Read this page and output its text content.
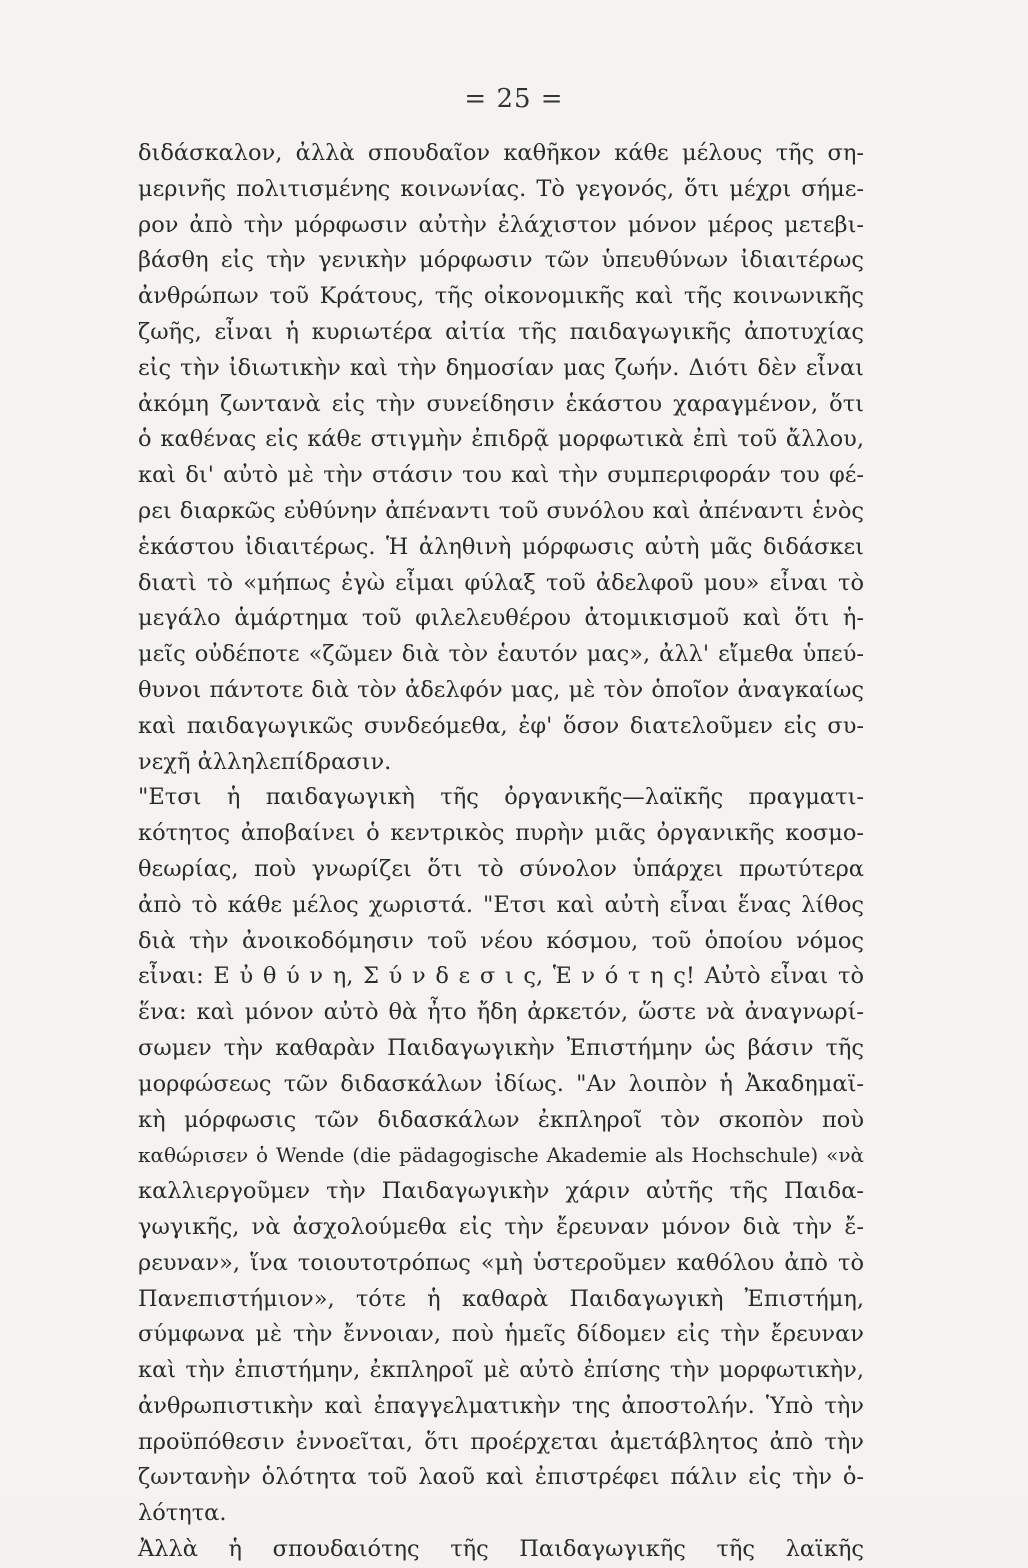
= 25 =
διδάσκαλον, ἀλλὰ σπουδαῖον καθῆκον κάθε μέλους τῆς ση-
μερινῆς πολιτισμένης κοινωνίας. Τὸ γεγονός, ὅτι μέχρι σήμε-
ρον ἀπὸ τὴν μόρφωσιν αὐτὴν ἐλάχιστον μόνον μέρος μετεβι-
βάσθη εἰς τὴν γενικὴν μόρφωσιν τῶν ὑπευθύνων ἰδιαιτέρως
ἀνθρώπων τοῦ Κράτους, τῆς οἰκονομικῆς καὶ τῆς κοινωνικῆς
ζωῆς, εἶναι ἡ κυριωτέρα αἰτία τῆς παιδαγωγικῆς ἀποτυχίας
εἰς τὴν ἰδιωτικὴν καὶ τὴν δημοσίαν μας ζωήν. Διότι δὲν εἶναι
ἀκόμη ζωντανὰ εἰς τὴν συνείδησιν ἑκάστου χαραγμένον, ὅτι
ὁ καθένας εἰς κάθε στιγμὴν ἐπιδρᾷ μορφωτικὰ ἐπὶ τοῦ ἄλλου,
καὶ δι' αὐτὸ μὲ τὴν στάσιν του καὶ τὴν συμπεριφοράν του φέ-
ρει διαρκῶς εὐθύνην ἀπέναντι τοῦ συνόλου καὶ ἀπέναντι ἑνὸς
ἑκάστου ἰδιαιτέρως. Ἡ ἀληθινὴ μόρφωσις αὐτὴ μᾶς διδάσκει
διατὶ τὸ «μήπως ἐγὼ εἶμαι φύλαξ τοῦ ἀδελφοῦ μου» εἶναι τὸ
μεγάλο ἁμάρτημα τοῦ φιλελευθέρου ἀτομικισμοῦ καὶ ὅτι ἡ-
μεῖς οὐδέποτε «ζῶμεν διὰ τὸν ἑαυτόν μας», ἀλλ' εἴμεθα ὑπεύ-
θυνοι πάντοτε διὰ τὸν ἀδελφόν μας, μὲ τὸν ὁποῖον ἀναγκαίως
καὶ παιδαγωγικῶς συνδεόμεθα, ἐφ' ὅσον διατελοῦμεν εἰς συ-
νεχῆ ἀλληλεπίδρασιν.
"Ετσι ἡ παιδαγωγικὴ τῆς ὀργανικῆς—λαϊκῆς πραγματι-
κότητος ἀποβαίνει ὁ κεντρικὸς πυρὴν μιᾶς ὀργανικῆς κοσμο-
θεωρίας, ποὺ γνωρίζει ὅτι τὸ σύνολον ὑπάρχει πρωτύτερα
ἀπὸ τὸ κάθε μέλος χωριστά. "Ετσι καὶ αὐτὴ εἶναι ἕνας λίθος
διὰ τὴν ἀνοικοδόμησιν τοῦ νέου κόσμου, τοῦ ὁποίου νόμος
εἶναι: Ε ὐ θ ύ ν η, Σ ύ ν δ ε σ ι ς, Ἑ ν ό τ η ς! Αὐτὸ εἶναι τὸ
ἕνα: καὶ μόνον αὐτὸ θὰ ἦτο ἤδη ἀρκετόν, ὥστε νὰ ἀναγνωρί-
σωμεν τὴν καθαρὰν Παιδαγωγικὴν Ἐπιστήμην ὡς βάσιν τῆς
μορφώσεως τῶν διδασκάλων ἰδίως. "Αν λοιπὸν ἡ Ἀκαδημαϊ-
κὴ μόρφωσις τῶν διδασκάλων ἐκπληροῖ τὸν σκοπὸν ποὺ
καθώρισεν ὁ Wende (die pädagogische Akademie als Hochschule) «νὰ
καλλιεργοῦμεν τὴν Παιδαγωγικὴν χάριν αὐτῆς τῆς Παιδα-
γωγικῆς, νὰ ἀσχολούμεθα εἰς τὴν ἔρευναν μόνον διὰ τὴν ἔ-
ρευναν», ἵνα τοιουτοτρόπως «μὴ ὑστεροῦμεν καθόλου ἀπὸ τὸ
Πανεπιστήμιον», τότε ἡ καθαρὰ Παιδαγωγικὴ Ἐπιστήμη,
σύμφωνα μὲ τὴν ἔννοιαν, ποὺ ἡμεῖς δίδομεν εἰς τὴν ἔρευναν
καὶ τὴν ἐπιστήμην, ἐκπληροῖ μὲ αὐτὸ ἐπίσης τὴν μορφωτικὴν,
ἀνθρωπιστικὴν καὶ ἐπαγγελματικὴν της ἀποστολήν. Ὑπὸ τὴν
προϋπόθεσιν ἐννοεῖται, ὅτι προέρχεται ἀμετάβλητος ἀπὸ τὴν
ζωντανὴν ὁλότητα τοῦ λαοῦ καὶ ἐπιστρέφει πάλιν εἰς τὴν ὁ-
λότητα.
Ἀλλὰ ἡ σπουδαιότης τῆς Παιδαγωγικῆς τῆς λαϊκῆς
